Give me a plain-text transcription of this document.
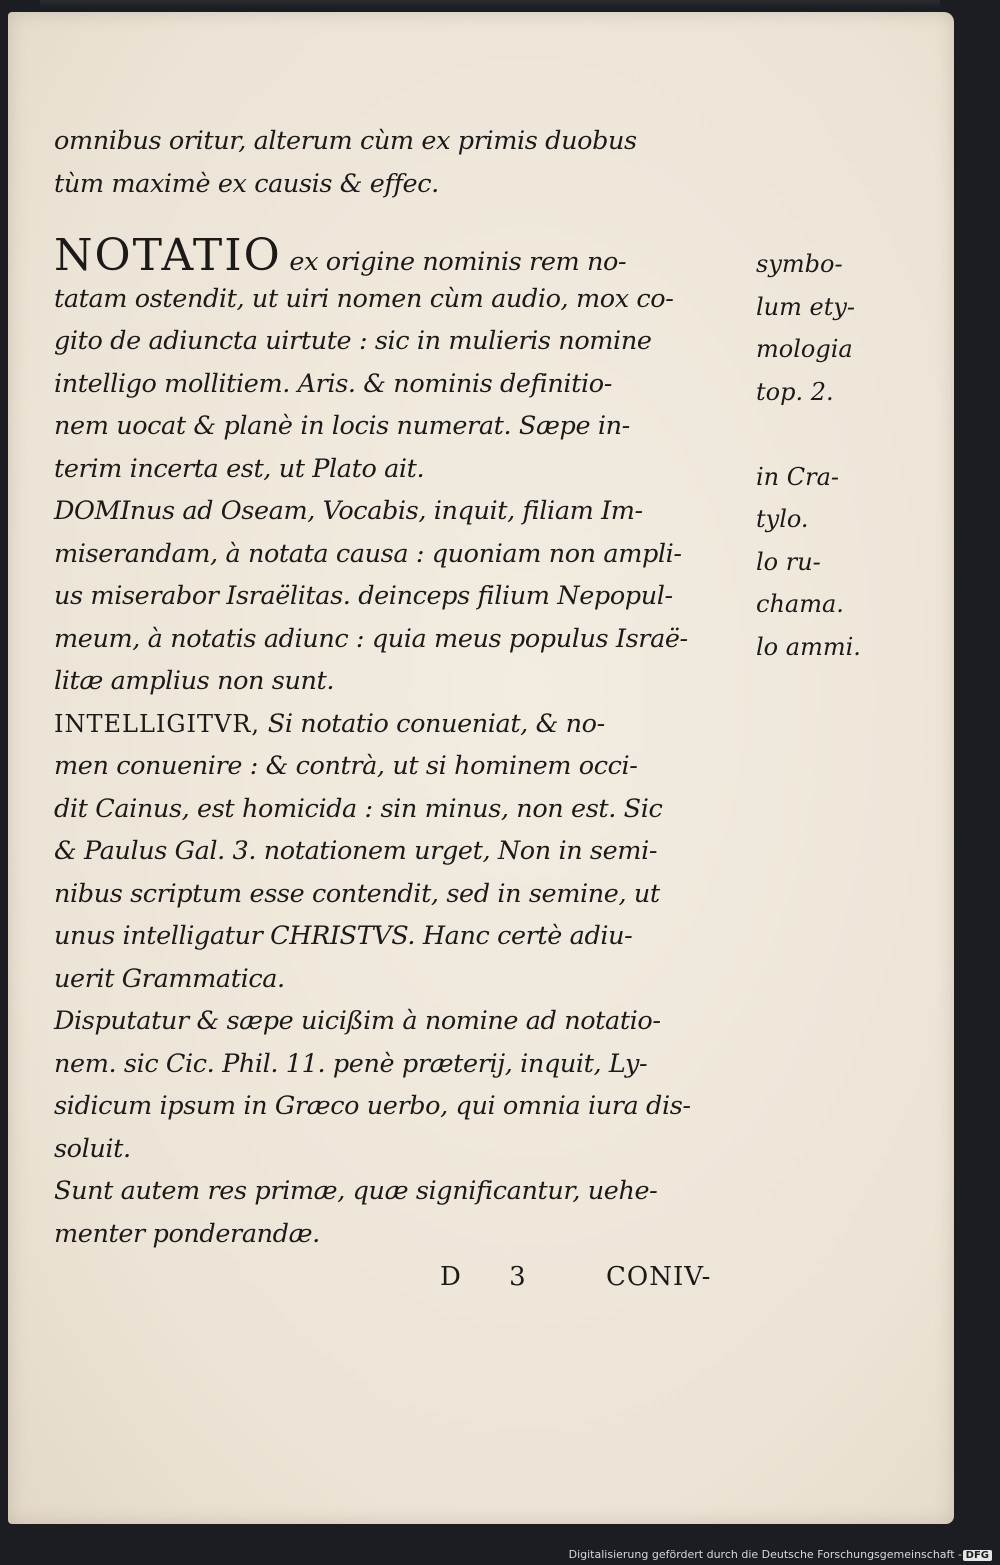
omnibus oritur, alterum cùm ex primis duobus
tùm maximè ex causis & effec.
NOTATIO ex origine nominis rem no-
tatam ostendit, ut uiri nomen cùm audio, mox co-
gito de adiuncta uirtute : sic in mulieris nomine
intelligo mollitiem. Aris. & nominis definitio-
nem uocat & planè in locis numerat. Sæpe in-
terim incerta est, ut Plato ait.
DOMInus ad Oseam, Vocabis, inquit, filiam Im-
miserandam, à notata causa : quoniam non ampli-
us miserabor Israëlitas. deinceps filium Nepopul-
meum, à notatis adiunc : quia meus populus Israë-
litæ amplius non sunt.
INTELLIGITVR, Si notatio conueniat, & no-
men conuenire : & contrà, ut si hominem occi-
dit Cainus, est homicida : sin minus, non est. Sic
& Paulus Gal. 3. notationem urget, Non in semi-
nibus scriptum esse contendit, sed in semine, ut
unus intelligatur CHRISTVS. Hanc certè adiu-
uerit Grammatica.
Disputatur & sæpe uicißim à nomine ad notatio-
nem. sic Cic. Phil. 11. penè præterij, inquit, Ly-
sidicum ipsum in Græco uerbo, qui omnia iura dis-
soluit.
Sunt autem res primæ, quæ significantur, uehe-
menter ponderandæ.
symbo-
lum ety-
mologia
top. 2.
in Cra-
tylo.
lo ru-
chama.
lo ammi.
D 3 CONIV-
Digitalisierung gefördert durch die Deutsche Forschungsgemeinschaft - DFG
